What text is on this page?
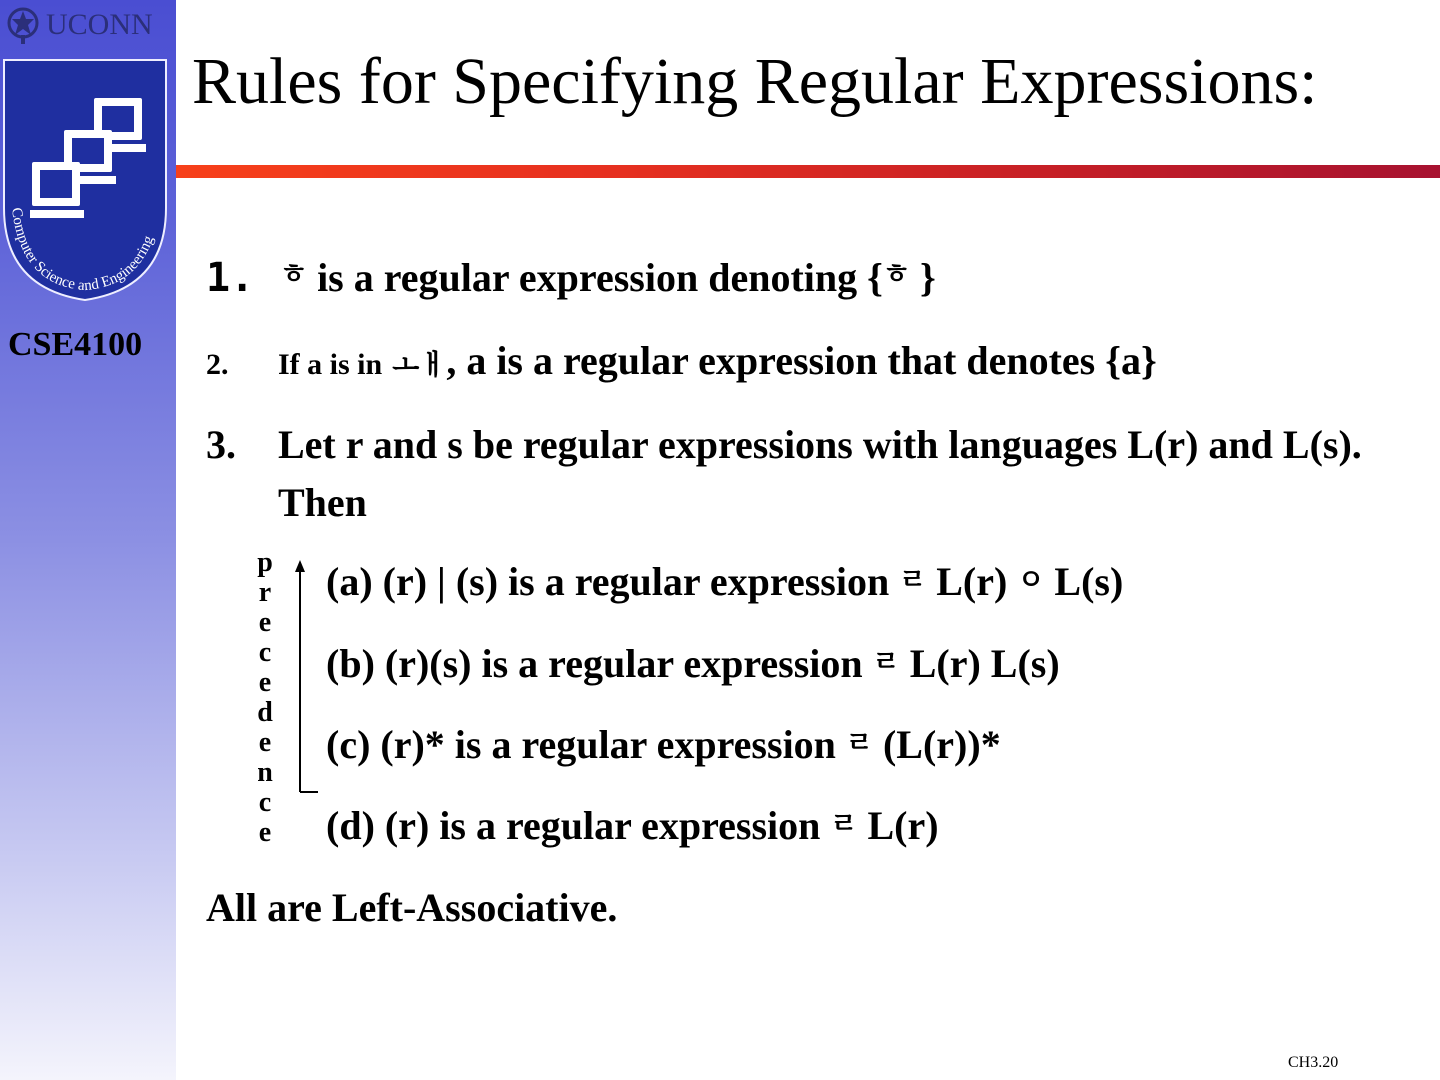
UCONN
Computer Science and Engineering
CSE4100
Rules for Specifying Regular Expressions:
1. $^ㅎ$ is a regular expression denoting {$^ㅎ$ }
2. If a is in ㅗㅐ, a is a regular expression that denotes {a}
3. Let r and s be regular expressions with languages L(r) and L(s). Then
p
r
e
c
e
d
e
n
c
e
(a) (r) | (s) is a regular expression ㄹ L(r) ㅇ L(s)
(b) (r)(s) is a regular expression ㄹ L(r) L(s)
(c) (r)* is a regular expression ㄹ (L(r))*
(d) (r) is a regular expression ㄹ L(r)
All are Left-Associative.
CH3.20
